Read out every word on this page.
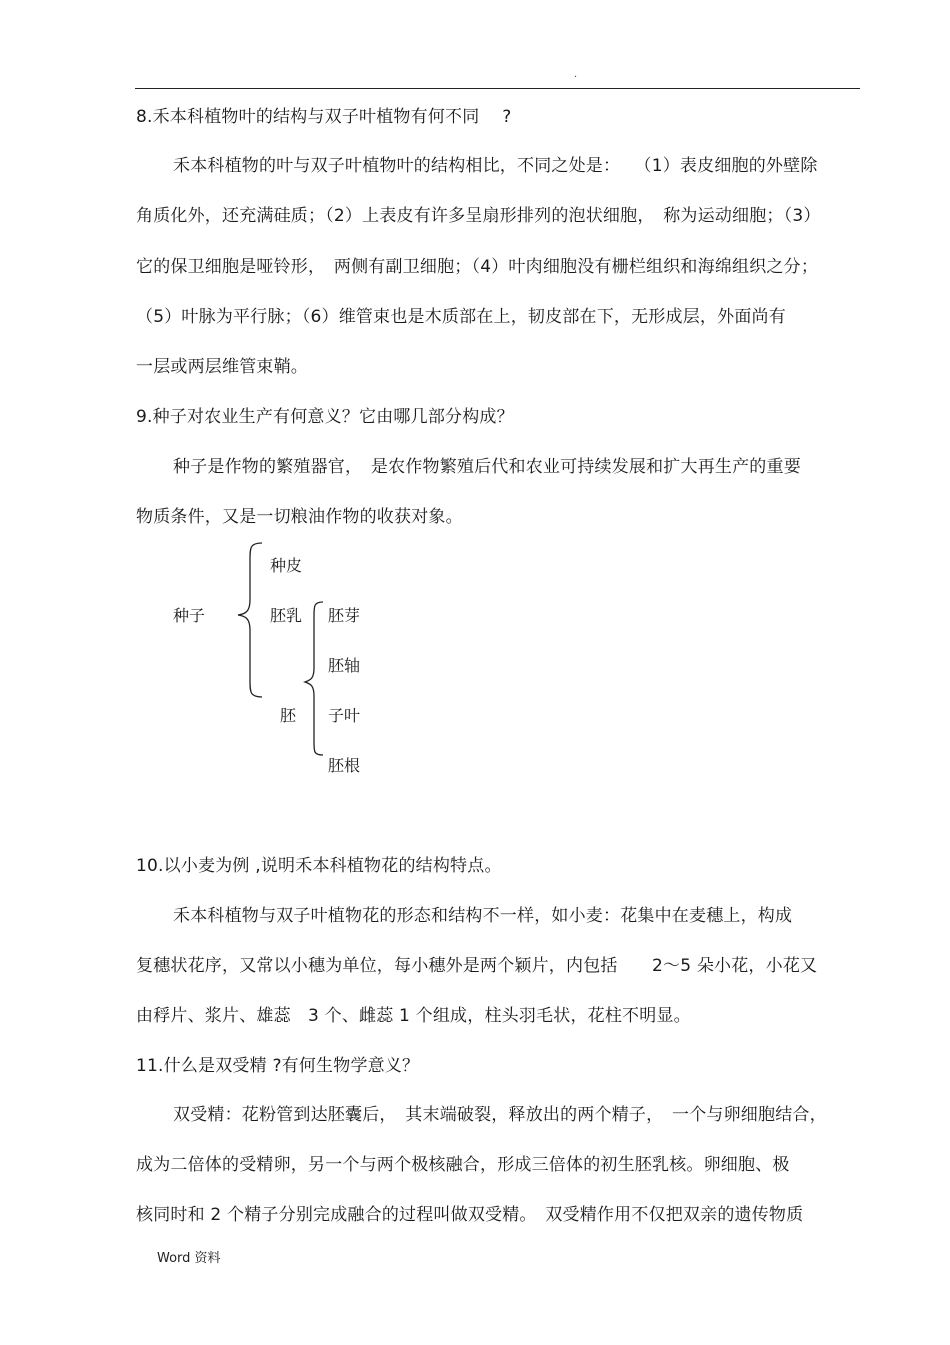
.
8.禾本科植物叶的结构与双子叶植物有何不同　 ?
禾本科植物的叶与双子叶植物叶的结构相比，不同之处是：　 （1）表皮细胞的外壁除
角质化外，还充满硅质；（2）上表皮有许多呈扇形排列的泡状细胞，　称为运动细胞；（3）
它的保卫细胞是哑铃形，　两侧有副卫细胞；（4）叶肉细胞没有栅栏组织和海绵组织之分；
（5）叶脉为平行脉；（6）维管束也是木质部在上，韧皮部在下，无形成层，外面尚有
一层或两层维管束鞘。
9.种子对农业生产有何意义？它由哪几部分构成？
种子是作物的繁殖器官，　是农作物繁殖后代和农业可持续发展和扩大再生产的重要
物质条件，又是一切粮油作物的收获对象。
种子
种皮
胚乳
胚
胚芽
胚轴
子叶
胚根
10.以小麦为例 ,说明禾本科植物花的结构特点。
禾本科植物与双子叶植物花的形态和结构不一样，如小麦：花集中在麦穗上，构成
复穗状花序，又常以小穗为单位，每小穗外是两个颖片，内包括　　2～5 朵小花，小花又
由稃片、浆片、雄蕊　3 个、雌蕊 1 个组成，柱头羽毛状，花柱不明显。
11.什么是双受精 ?有何生物学意义？
双受精：花粉管到达胚囊后，　其末端破裂，释放出的两个精子，　一个与卵细胞结合，
成为二倍体的受精卵，另一个与两个极核融合，形成三倍体的初生胚乳核。卵细胞、极
核同时和 2 个精子分别完成融合的过程叫做双受精。　双受精作用不仅把双亲的遗传物质
Word 资料
